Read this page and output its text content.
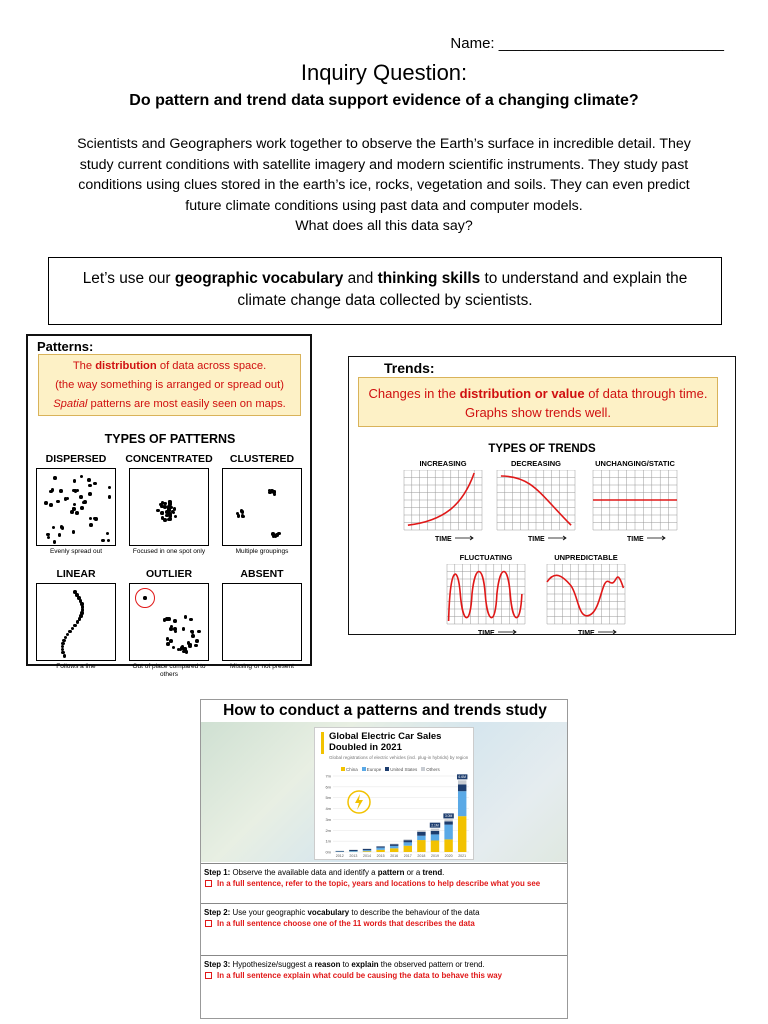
Name: ___________________________
Inquiry Question:
Do pattern and trend data support evidence of a changing climate?
Scientists and Geographers work together to observe the Earth’s surface in incredible detail. They
study current conditions with satellite imagery and modern scientific instruments. They study past
conditions using clues stored in the earth’s ice, rocks, vegetation and soils. They can even predict
future climate conditions using past data and computer models.
What does all this data say?
Let’s use our geographic vocabulary and thinking skills to understand and explain the
climate change data collected by scientists.
Patterns:
The distribution of data across space.
(the way something is arranged or spread out)
Spatial patterns are most easily seen on maps.
TYPES OF PATTERNS
DISPERSED
Evenly spread out
CONCENTRATED
Focused in one spot only
CLUSTERED
Multiple groupings
LINEAR
Follows a line
OUTLIER
Out of place compared to others
ABSENT
Missing or not present
Trends:
Changes in the distribution or value of data through time.
Graphs show trends well.
TYPES OF TRENDS
INCREASING
TIME
DECREASING
TIME
UNCHANGING/STATIC
TIME
FLUCTUATING
TIME
UNPREDICTABLE
TIME
How to conduct a patterns and trends study
Global Electric Car Sales
Doubled in 2021
Global registrations of electric vehicles (incl. plug-in hybrids) by region
China	Europe	United States	Others
0m
1m
2m
3m
4m
5m
6m
7m
2012 2013 2014 2015 2016 2017 2018 2019
2.1M
2020
3.0M
2021
6.6M
Step 1: Observe the available data and identify a pattern or a trend.
In a full sentence, refer to the topic, years and locations to help describe what you see
Step 2: Use your geographic vocabulary to describe the behaviour of the data
In a full sentence choose one of the 11 words that describes the data
Step 3: Hypothesize/suggest a reason to explain the observed pattern or trend.
In a full sentence explain what could be causing the data to behave this way
